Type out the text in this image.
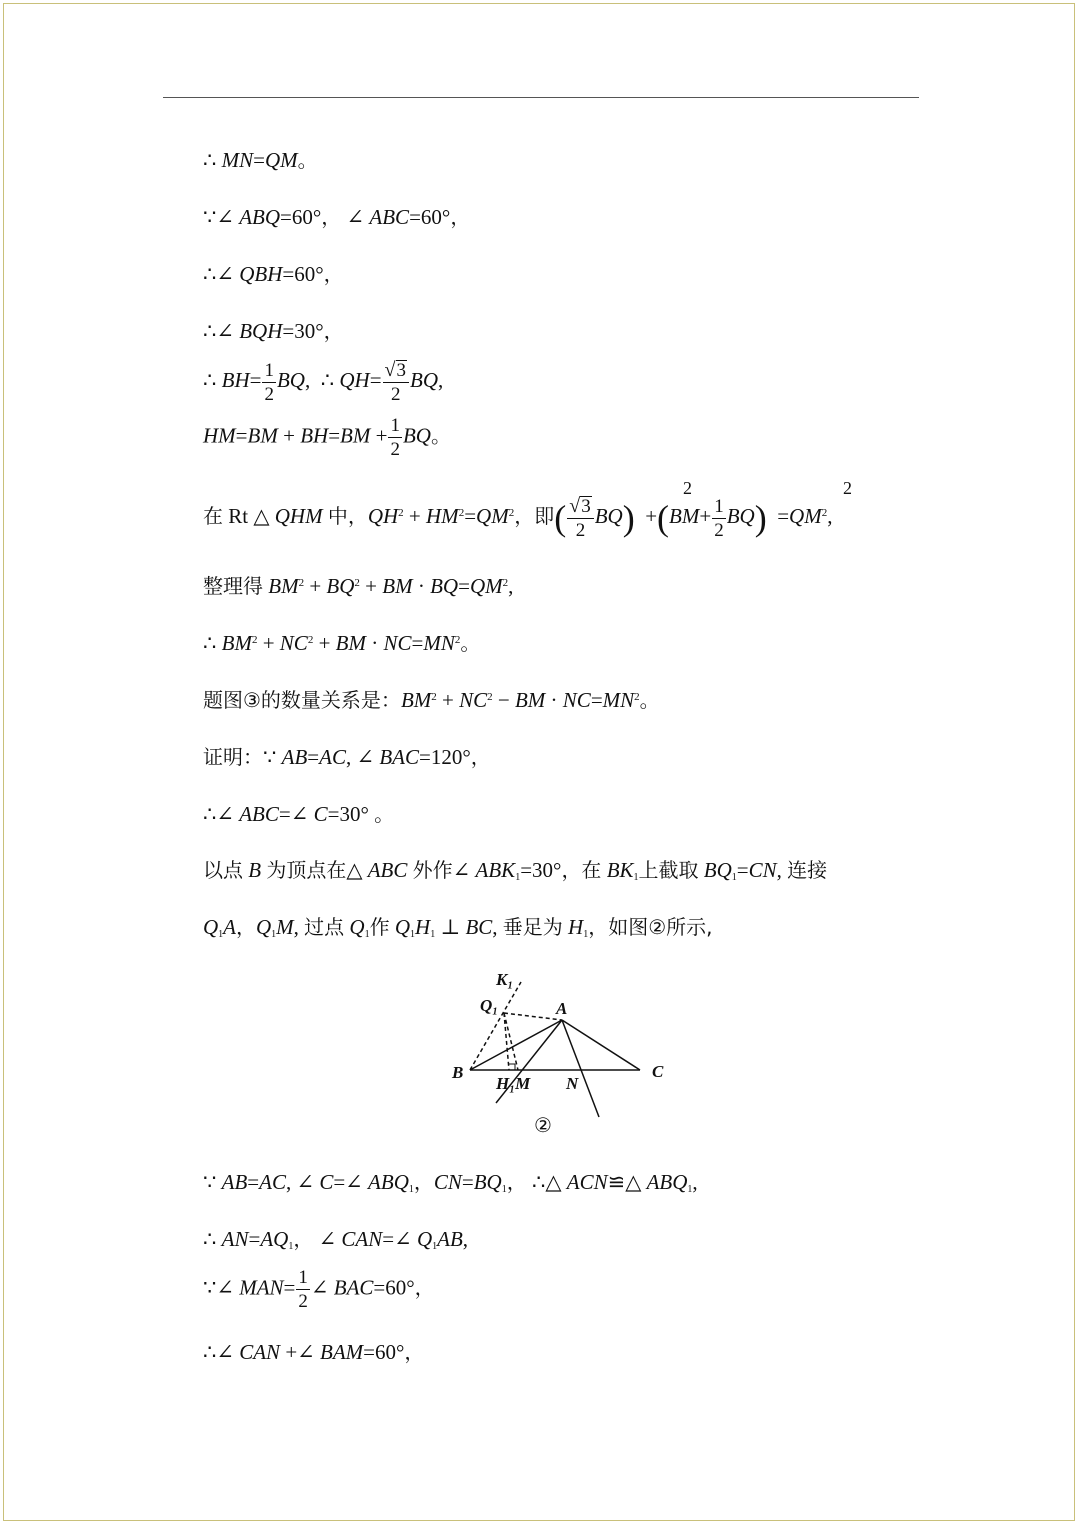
∴ MN=QM。
∵∠ ABQ=60°， ∠ ABC=60°，
∴∠ QBH=60°，
∴∠ BQH=30°，
∴ $BH= \frac{1}{2}$ BQ,  ∴ $QH= \frac{√ 3}{2}$ BQ,
$HM=BM + BH=BM + \frac{1}{2}$ BQ。
2	2
在 Rt △ QHM 中，$QH^2 + HM^2=QM^2$，即( $\frac{√ 3}{2} BQ) +(BM+ \frac{1}{2} BQ) =QM^2$,
整理得 $BM^2 + BQ^2$ + BM · $BQ=QM^2$,
∴ $BM^2 + NC^2$ + BM · $NC=MN^2$。
题图③的数量关系是：$BM^2 + NC^2$ − BM · $NC=MN^2$。
证明：∵ AB=AC, ∠ BAC=120°，
∴∠ ABC=∠ C=30° 。
以点 B 为顶点在△ ABC 外作∠ $ABK_1=30^\circ$，在 $BK_1$上截取 $BQ_1=CN$, 连接
$Q_1A$，$Q_1M$, 过点 $Q_1$作 $Q_1H_1$ ⊥ BC, 垂足为 $H_1$，如图②所示,
K₁
Q₁	A
B
H₁M N
C
②
∵ AB=AC, ∠ C=∠ $ABQ_1$，$CN=BQ_1$， ∴△ ACN≌△ $ABQ_1$,
∴ $AN=AQ_1$， ∠ CAN=∠ $Q_1AB$,
∵∠ $MAN= \frac{1}{2}$ ∠ BAC=60°，
∴∠ CAN +∠ BAM=60°，
